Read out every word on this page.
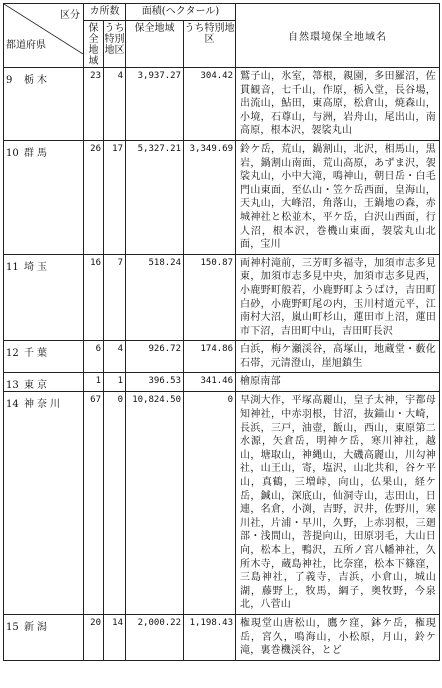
区分
都道府県	カ所数		面積(ヘクタール)		自然環境保全地域名
	保全地域	うち特別地区	保全地域	うち特別地区	
9 栃木	23	4	3,937.27	304.42	鷲子山，氷室，箒根，親園，多田羅沼，佐貫観音，七千山，作原，栃入堂，長谷場，出流山，鮎田，東高原，松倉山，焼森山，小境，石尊山，与洲，岩舟山，尾出山，南高原，根本沢，袈裟丸山
10 群馬	26	17	5,327.21	3,349.69	鈴ケ岳，荒山，鍋割山，北沢，相馬山，黒岩，鍋割山南面，荒山高原，あずま沢，袈裟丸山，小中大滝，鳴神山，朝日岳・白毛門山東面，至仏山・笠ケ岳西面，皇海山，天丸山，大峰沼，角落山，王鍋地の森，赤城神社と松並木，平ケ岳，白沢山西面，行人沼，根本沢，巻機山東面，袈裟丸山北面，宝川
11 埼玉	16	7	518.24	150.87	両神村滝前，三芳町多福寺，加須市志多見東，加須市志多見中央，加須市志多見西，小鹿野町般若，小鹿野町ようばけ，吉田町白砂，小鹿野町尾の内，玉川村道元平，江南村大沼，嵐山町杉山，蓮田市上沼，蓮田市下沼，吉田町中山，吉田町長沢
12 千葉	6	4	926.72	174.86	白浜，梅ケ瀬渓谷，高塚山，地蔵堂・藪化石帯，元清澄山，崖旭鎮生
13 東京	1	1	396.53	341.46	檜原南部
14 神奈川	67	0	10,824.50	0	早渕大作，平塚高麗山，皇子太神，宇都母知神社，中赤羽根，甘沼，抜錨山・大崎，長浜，三戸，油壺，飯山，西山，東原第二水源，矢倉岳，明神ケ岳，寒川神社，越山，塘取山，神縄山，大磯高麗山，川勾神社，山王山，寄，塩沢，山北共和，谷ケ平山，真鶴，三増峠，向山，仏果山，経ケ岳，鍼山，深底山，仙洞寺山，志田山，日連，名倉，小渕，吉野，沢井，佐野川，寒川社，片浦・早川，久野，上赤羽根，三廻部・浅間山，菩提向山，田原羽毛，大山日向，松本上，鴨沢，五所ノ宮八幡神社，久所木寺，蔵島神社，比奈窪，松本下篠窪，三島神社，了義寺，吉浜，小倉山，城山湖，藤野上，牧馬，綱子，奥牧野，今泉北，八菅山
15 新潟	20	14	2,000.22	1,198.43	権現堂山唐松山，鷹ケ窪，鉢ケ岳，権現岳，宮久，鳴海山，小松原，月山，鈴ケ滝，裏巻機渓谷，とど
